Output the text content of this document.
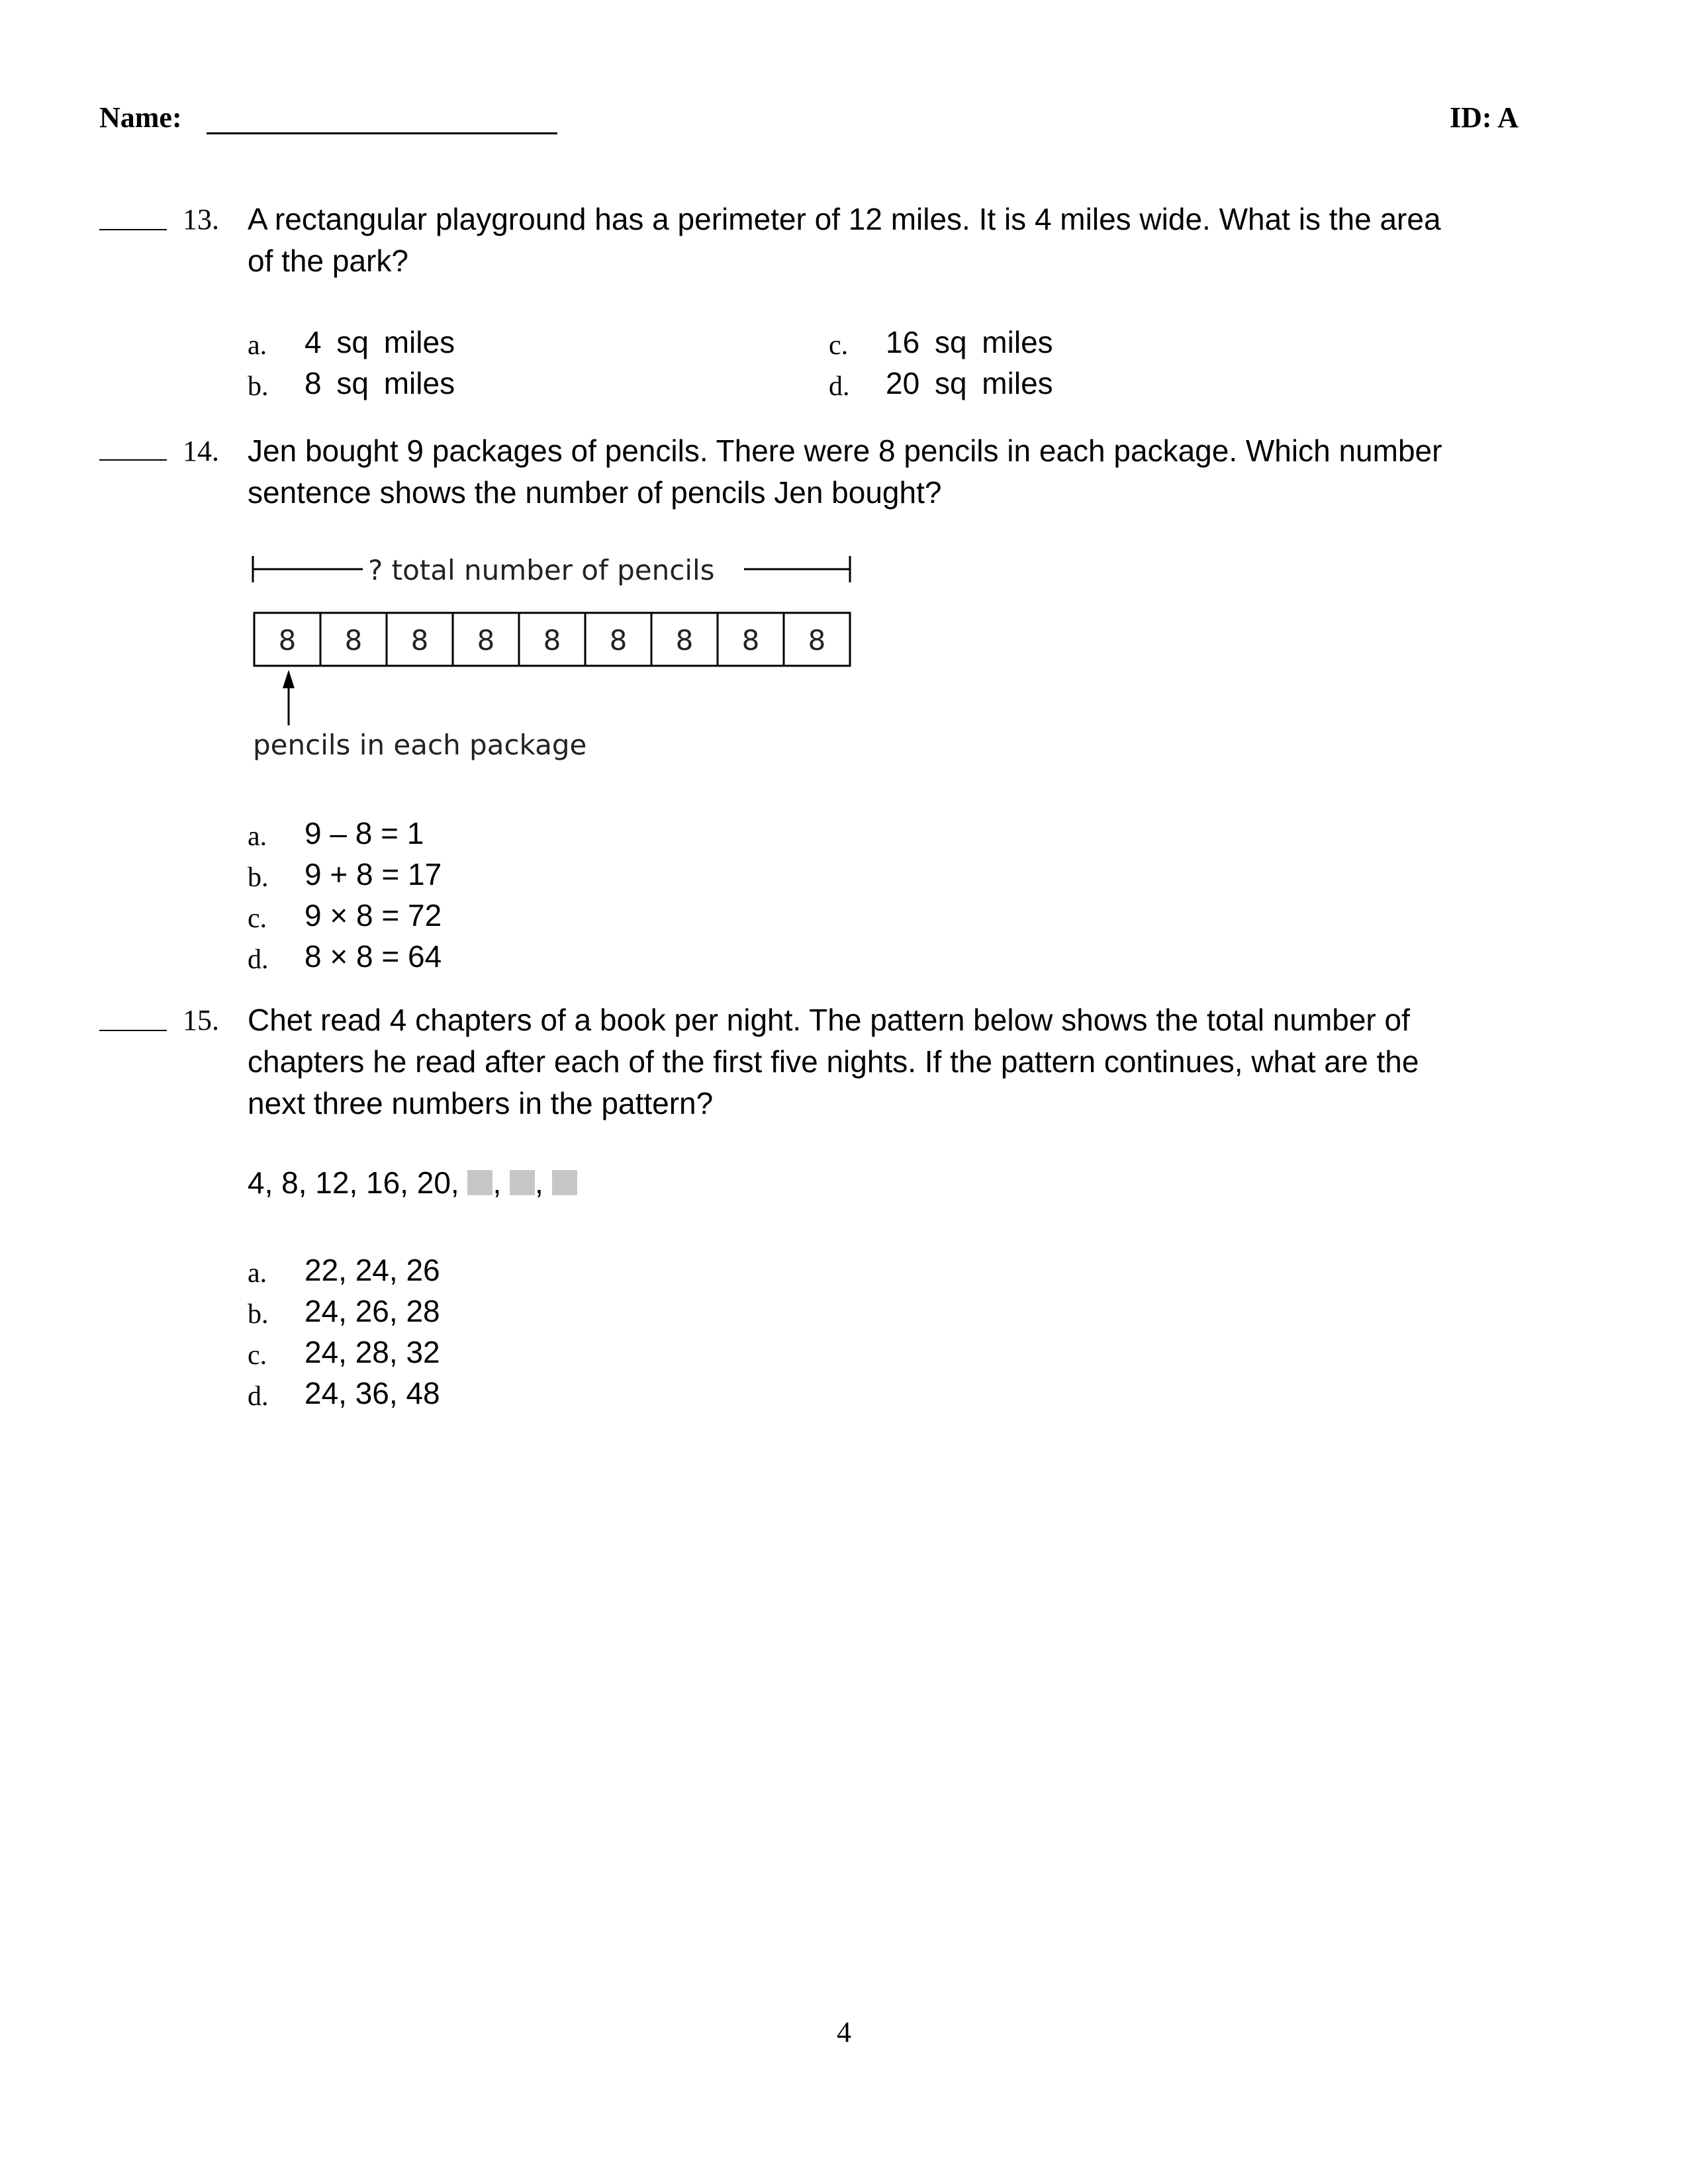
Name:	ID: A
13. A rectangular playground has a perimeter of 12 miles. It is 4 miles wide. What is the area
of the park?
a. 4 sq miles
b. 8 sq miles
c. 16 sq miles
d. 20 sq miles
14. Jen bought 9 packages of pencils. There were 8 pencils in each package. Which number
sentence shows the number of pencils Jen bought?
? total number of pencils
8 8 8 8 8 8 8 8 8
pencils in each package
a. 9 – 8 = 1
b. 9 + 8 = 17
c. 9 × 8 = 72
d. 8 × 8 = 64
15. Chet read 4 chapters of a book per night. The pattern below shows the total number of
chapters he read after each of the first five nights. If the pattern continues, what are the
next three numbers in the pattern?
4, 8, 12, 16, 20, , ,
a. 22, 24, 26
b. 24, 26, 28
c. 24, 28, 32
d. 24, 36, 48
4
